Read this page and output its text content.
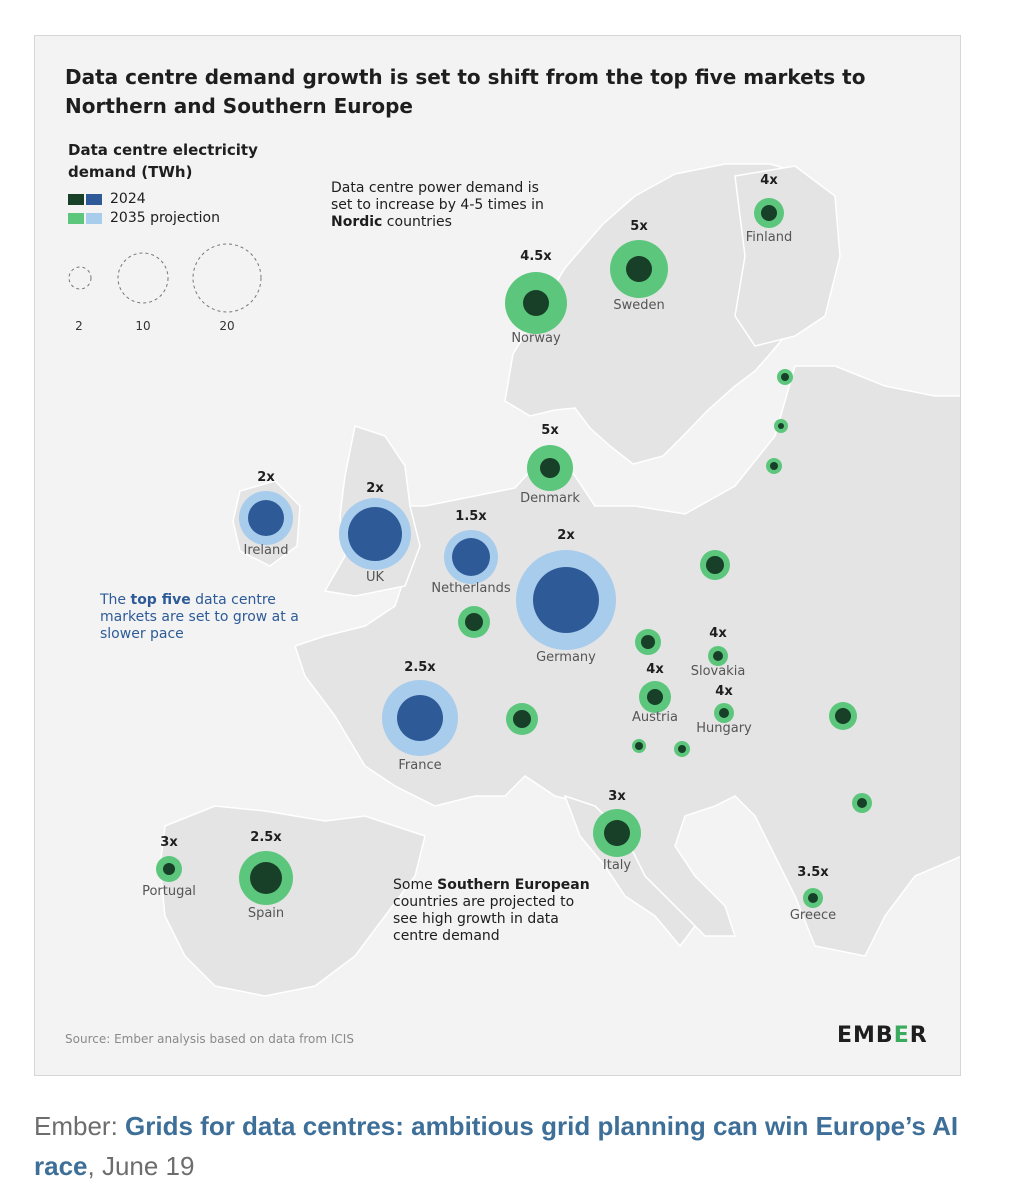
4x
Finland
5x
Sweden
4.5x
Norway
5x
Denmark
2x
Ireland
2x
UK
1.5x
Netherlands
2x
Germany
2.5x
France
4x
Slovakia
4x
Austria
4x
Hungary
3x
Italy
3x
Portugal
2.5x
Spain
3.5x
Greece
Data centre demand growth is set to shift from the top five markets to Northern and Southern Europe
Data centre electricity demand (TWh)
2024
2035 projection
2	10	20
Data centre power demand is set to increase by 4-5 times in Nordic countries
The top five data centre markets are set to grow at a slower pace
Some Southern European countries are projected to see high growth in data centre demand
Source: Ember analysis based on data from ICIS	EMBER
Ember: Grids for data centres: ambitious grid planning can win Europe’s AI race, June 19
